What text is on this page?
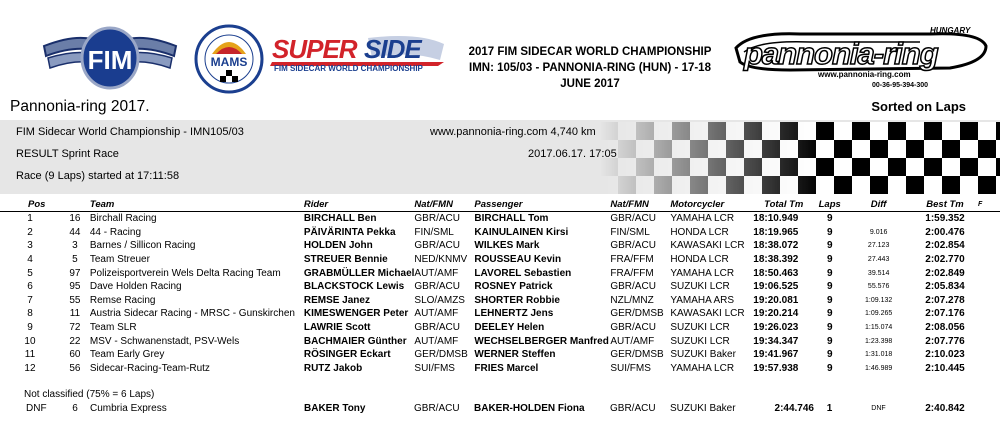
FIM	MAMS SUPER SIDE
FIM SIDECAR WORLD CHAMPIONSHIP
2017 FIM SIDECAR WORLD CHAMPIONSHIP
IMN: 105/03 - PANNONIA-RING (HUN) - 17-18 JUNE 2017
HUNGARY
pannonia-ring
www.pannonia-ring.com
00-36-95-394-300
Pannonia-ring 2017.	Sorted on Laps
FIM Sidecar World Championship - IMN105/03	www.pannonia-ring.com 4,740 km
RESULT Sprint Race	2017.06.17. 17:05
Race (9 Laps) started at 17:11:58
Pos		Team	Rider	Nat/FMN	Passenger	Nat/FMN	Motorcycler	Total Tm	Laps	Diff	Best Tm	F
1	16	Birchall Racing	BIRCHALL Ben	GBR/ACU	BIRCHALL Tom	GBR/ACU	YAMAHA LCR	18:10.949	9		1:59.352	
2	44	44 - Racing	PÄIVÄRINTA Pekka	FIN/SML	KAINULAINEN Kirsi	FIN/SML	HONDA LCR	18:19.965	9	9.016	2:00.476	
3	3	Barnes / Sillicon Racing	HOLDEN John	GBR/ACU	WILKES Mark	GBR/ACU	KAWASAKI LCR	18:38.072	9	27.123	2:02.854	
4	5	Team Streuer	STREUER Bennie	NED/KNMV	ROUSSEAU Kevin	FRA/FFM	HONDA LCR	18:38.392	9	27.443	2:02.770	
5	97	Polizeisportverein Wels Delta Racing Team	GRABMÜLLER Michael	AUT/AMF	LAVOREL Sebastien	FRA/FFM	YAMAHA LCR	18:50.463	9	39.514	2:02.849	
6	95	Dave Holden Racing	BLACKSTOCK Lewis	GBR/ACU	ROSNEY Patrick	GBR/ACU	SUZUKI LCR	19:06.525	9	55.576	2:05.834	
7	55	Remse Racing	REMSE Janez	SLO/AMZS	SHORTER Robbie	NZL/MNZ	YAMAHA ARS	19:20.081	9	1:09.132	2:07.278	
8	11	Austria Sidecar Racing - MRSC - Gunskirchen	KIMESWENGER Peter	AUT/AMF	LEHNERTZ Jens	GER/DMSB	KAWASAKI LCR	19:20.214	9	1:09.265	2:07.176	
9	72	Team SLR	LAWRIE Scott	GBR/ACU	DEELEY Helen	GBR/ACU	SUZUKI LCR	19:26.023	9	1:15.074	2:08.056	
10	22	MSV - Schwanenstadt, PSV-Wels	BACHMAIER Günther	AUT/AMF	WECHSELBERGER Manfred	AUT/AMF	SUZUKI LCR	19:34.347	9	1:23.398	2:07.776	
11	60	Team Early Grey	RÖSINGER Eckart	GER/DMSB	WERNER Steffen	GER/DMSB	SUZUKI Baker	19:41.967	9	1:31.018	2:10.023	
12	56	Sidecar-Racing-Team-Rutz	RUTZ Jakob	SUI/FMS	FRIES Marcel	SUI/FMS	YAMAHA LCR	19:57.938	9	1:46.989	2:10.445	
Not classified (75% = 6 Laps)
DNF	6	Cumbria Express	BAKER Tony	GBR/ACU	BAKER-HOLDEN Fiona	GBR/ACU	SUZUKI Baker	2:44.746	1	DNF	2:40.842	
